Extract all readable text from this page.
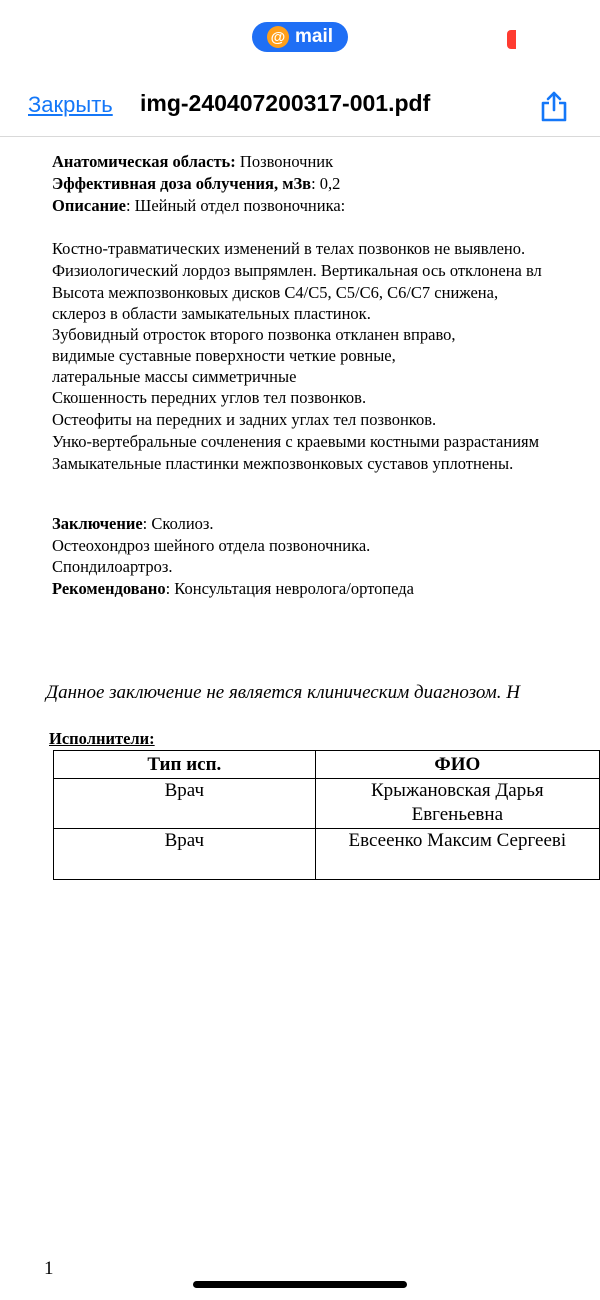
@ mail
Закрыть img-240407200317-001.pdf
Анатомическая область: Позвоночник
Эффективная доза облучения, мЗв: 0,2
Описание: Шейный отдел позвоночника:
Костно-травматических изменений в телах позвонков не выявлено.
Физиологический лордоз выпрямлен. Вертикальная ось отклонена вл
Высота межпозвонковых дисков С4/С5, С5/С6, С6/С7 снижена,
склероз в области замыкательных пластинок.
Зубовидный отросток второго позвонка откланен вправо,
видимые суставные поверхности четкие ровные,
латеральные массы симметричные
Скошенность передних углов тел позвонков.
Остеофиты на передних и задних углах тел позвонков.
Унко-вертебральные сочленения с краевыми костными разрастаниям
Замыкательные пластинки межпозвонковых суставов уплотнены.
Заключение: Сколиоз.
Остеохондроз шейного отдела позвоночника.
Спондилоартроз.
Рекомендовано: Консультация невролога/ортопеда
Данное заключение не является клиническим диагнозом. Н
Исполнители:
Тип исп.	ФИО
Врач	Крыжановская Дарья
Евгеньевна

Врач	Евсеенко Максим Сергееві
1
